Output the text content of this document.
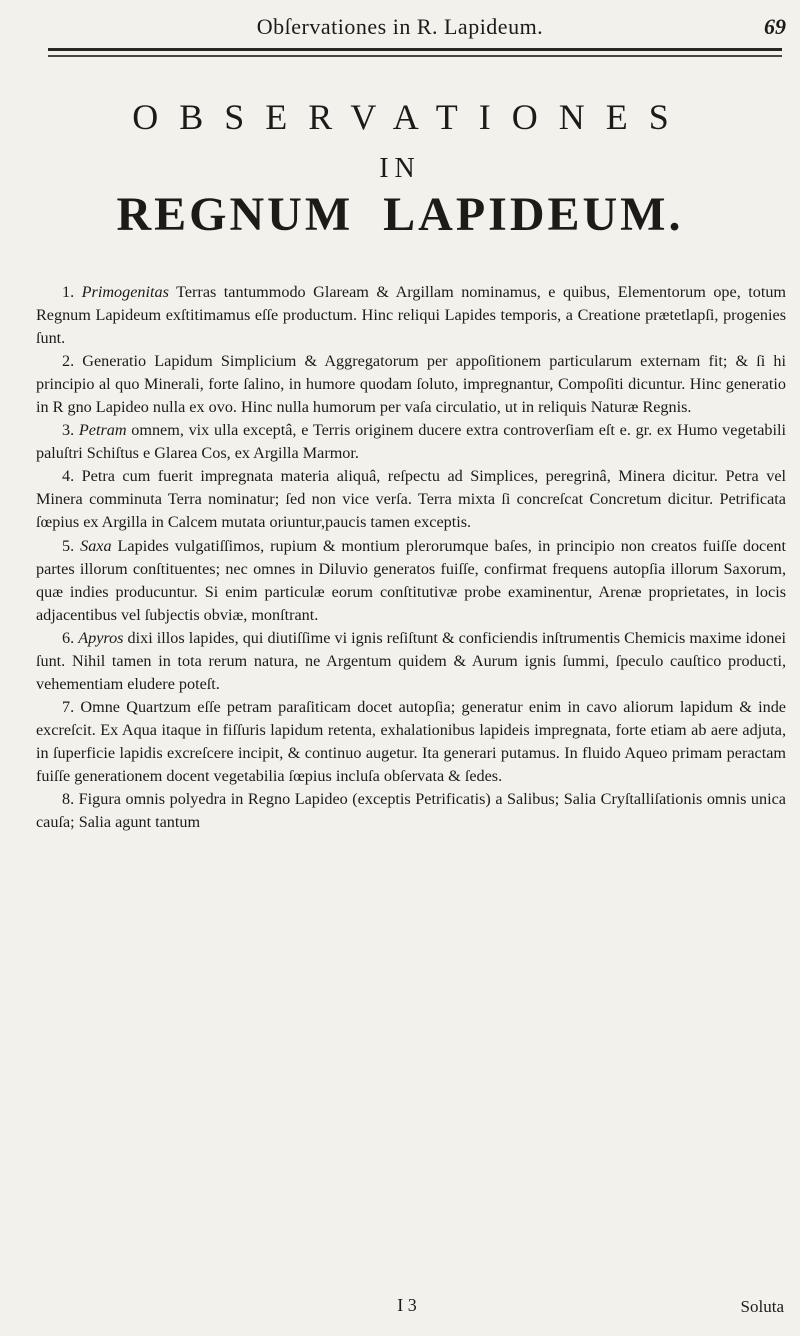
Obſervationes in R. Lapideum.	69
OBSERVATIONES
IN
REGNUM LAPIDEUM.

1. Primogenitas Terras tantummodo Glaream & Argillam nominamus, e quibus, Elementorum ope, totum Regnum Lapideum exſtitimamus eſſe productum. Hinc reliqui Lapides temporis, a Creatione prætetlapſi, progenies ſunt.

2. Generatio Lapidum Simplicium & Aggregatorum per appoſitionem particularum externam fit; & ſi hi principio al quo Minerali, forte ſalino, in humore quodam ſoluto, impregnantur, Compoſiti dicuntur. Hinc generatio in R gno Lapideo nulla ex ovo. Hinc nulla humorum per vaſa circulatio, ut in reliquis Naturæ Regnis.

3. Petram omnem, vix ulla exceptâ, e Terris originem ducere extra controverſiam eſt e. gr. ex Humo vegetabili paluſtri Schiſtus e Glarea Cos, ex Argilla Marmor.

4. Petra cum fuerit impregnata materia aliquâ, reſpectu ad Simplices, peregrinâ, Minera dicitur. Petra vel Minera comminuta Terra nominatur; ſed non vice verſa. Terra mixta ſi concreſcat Concretum dicitur. Petrificata ſœpius ex Argilla in Calcem mutata oriuntur,paucis tamen exceptis.

5. Saxa Lapides vulgatiſſimos, rupium & montium plerorumque baſes, in principio non creatos fuiſſe docent partes illorum conſtituentes; nec omnes in Diluvio generatos fuiſſe, confirmat frequens autopſia illorum Saxorum, quæ indies producuntur. Si enim particulæ eorum conſtitutivæ probe examinentur, Arenæ proprietates, in locis adjacentibus vel ſubjectis obviæ, monſtrant.

6. Apyros dixi illos lapides, qui diutiſſime vi ignis reſiſtunt & conficiendis inſtrumentis Chemicis maxime idonei ſunt. Nihil tamen in tota rerum natura, ne Argentum quidem & Aurum ignis ſummi, ſpeculo cauſtico producti, vehementiam eludere poteſt.

7. Omne Quartzum eſſe petram paraſiticam docet autopſia; generatur enim in cavo aliorum lapidum & inde excreſcit. Ex Aqua itaque in fiſſuris lapidum retenta, exhalationibus lapideis impregnata, forte etiam ab aere adjuta, in ſuperficie lapidis excreſcere incipit, & continuo augetur. Ita generari putamus. In fluido Aqueo primam peractam fuiſſe generationem docent vegetabilia ſœpius incluſa obſervata & ſedes.

8. Figura omnis polyedra in Regno Lapideo (exceptis Petrificatis) a Salibus; Salia Cryſtalliſationis omnis unica cauſa; Salia agunt tantum

I 3	Soluta
